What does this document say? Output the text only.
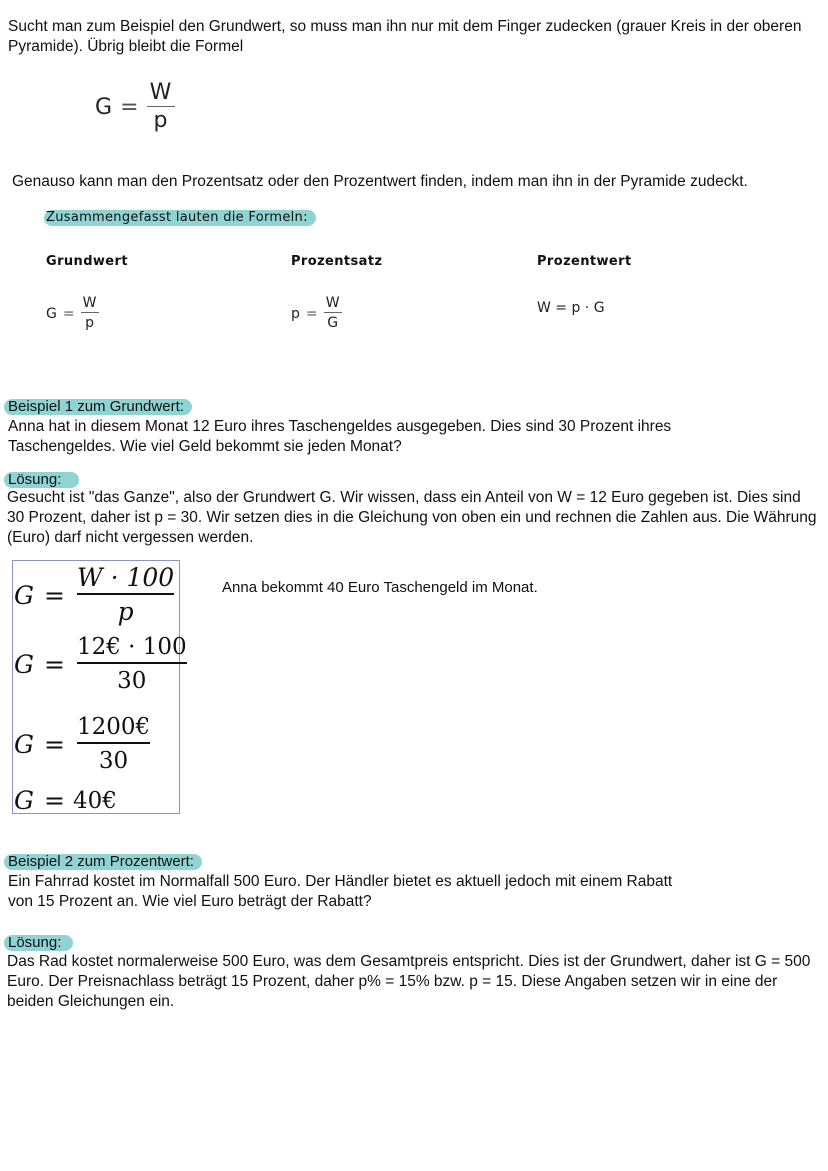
Sucht man zum Beispiel den Grundwert, so muss man ihn nur mit dem Finger zudecken (grauer Kreis in der oberen Pyramide). Übrig bleibt die Formel
$G = \frac{W}{p}$
Genauso kann man den Prozentsatz oder den Prozentwert finden, indem man ihn in der Pyramide zudeckt.
Zusammengefasst lauten die Formeln:
Grundwert	Prozentsatz	Prozentwert
$G = \frac{W}{p}$	$p = \frac{W}{G}$	W = p · G
Beispiel 1 zum Grundwert:
Anna hat in diesem Monat 12 Euro ihres Taschengeldes ausgegeben. Dies sind 30 Prozent ihres Taschengeldes. Wie viel Geld bekommt sie jeden Monat?
Lösung:
Gesucht ist "das Ganze", also der Grundwert G. Wir wissen, dass ein Anteil von W = 12 Euro gegeben ist. Dies sind 30 Prozent, daher ist p = 30. Wir setzen dies in die Gleichung von oben ein und rechnen die Zahlen aus. Die Währung (Euro) darf nicht vergessen werden.
$G = \frac{W \cdot 100}{p}$
$G = \frac{12€ \cdot 100}{30}$
$G = \frac{1200€}{30}$
G = 40€
Anna bekommt 40 Euro Taschengeld im Monat.
Beispiel 2 zum Prozentwert:
Ein Fahrrad kostet im Normalfall 500 Euro. Der Händler bietet es aktuell jedoch mit einem Rabatt von 15 Prozent an. Wie viel Euro beträgt der Rabatt?
Lösung:
Das Rad kostet normalerweise 500 Euro, was dem Gesamtpreis entspricht. Dies ist der Grundwert, daher ist G = 500 Euro. Der Preisnachlass beträgt 15 Prozent, daher p% = 15% bzw. p = 15. Diese Angaben setzen wir in eine der beiden Gleichungen ein.
